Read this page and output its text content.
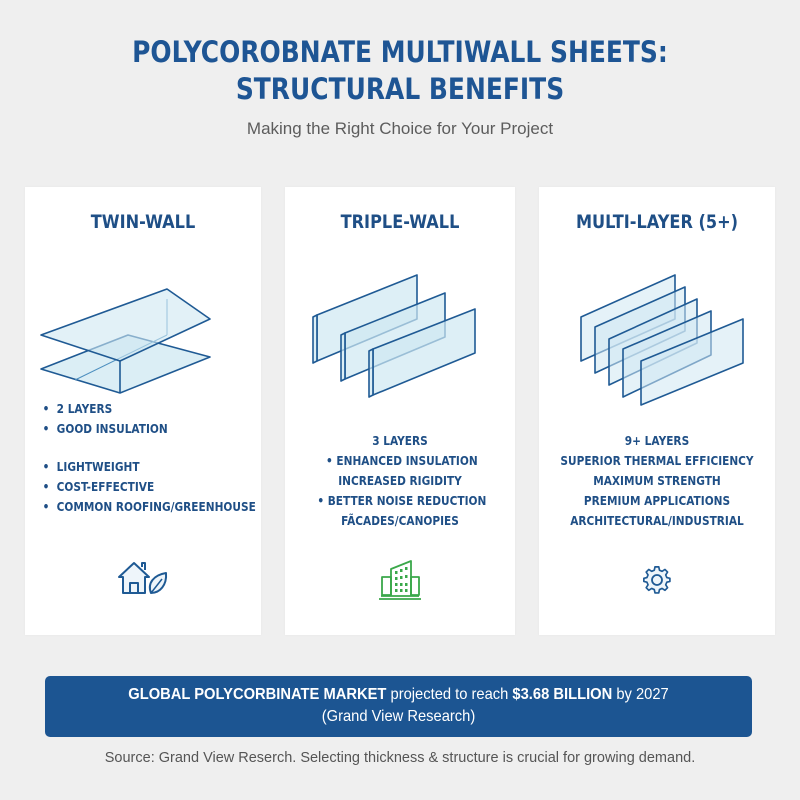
POLYCOROBNATE MULTIWALL SHEETS:
STRUCTURAL BENEFITS
Making the Right Choice for Your Project
TWIN-WALL
• 2 LAYERS
• GOOD INSULATION
• LIGHTWEIGHT
• COST-EFFECTIVE
• COMMON ROOFING/GREENHOUSE
TRIPLE-WALL
3 LAYERS
• ENHANCED INSULATION
INCREASED RIGIDITY
• BETTER NOISE REDUCTION
FÃ̀CADES/CANOPIES
MULTI-LAYER (5+)
9+ LAYERS
SUPERIOR THERMAL EFFICIENCY
MAXIMUM STRENGTH
PREMIUM APPLICATIONS
ARCHITECTURAL/INDUSTRIAL
GLOBAL POLYCORBINATE MARKET projected to reach $3.68 BILLION by 2027
(Grand View Research)
Source: Grand View Reserch. Selecting thickness & structure is crucial for growing demand.
